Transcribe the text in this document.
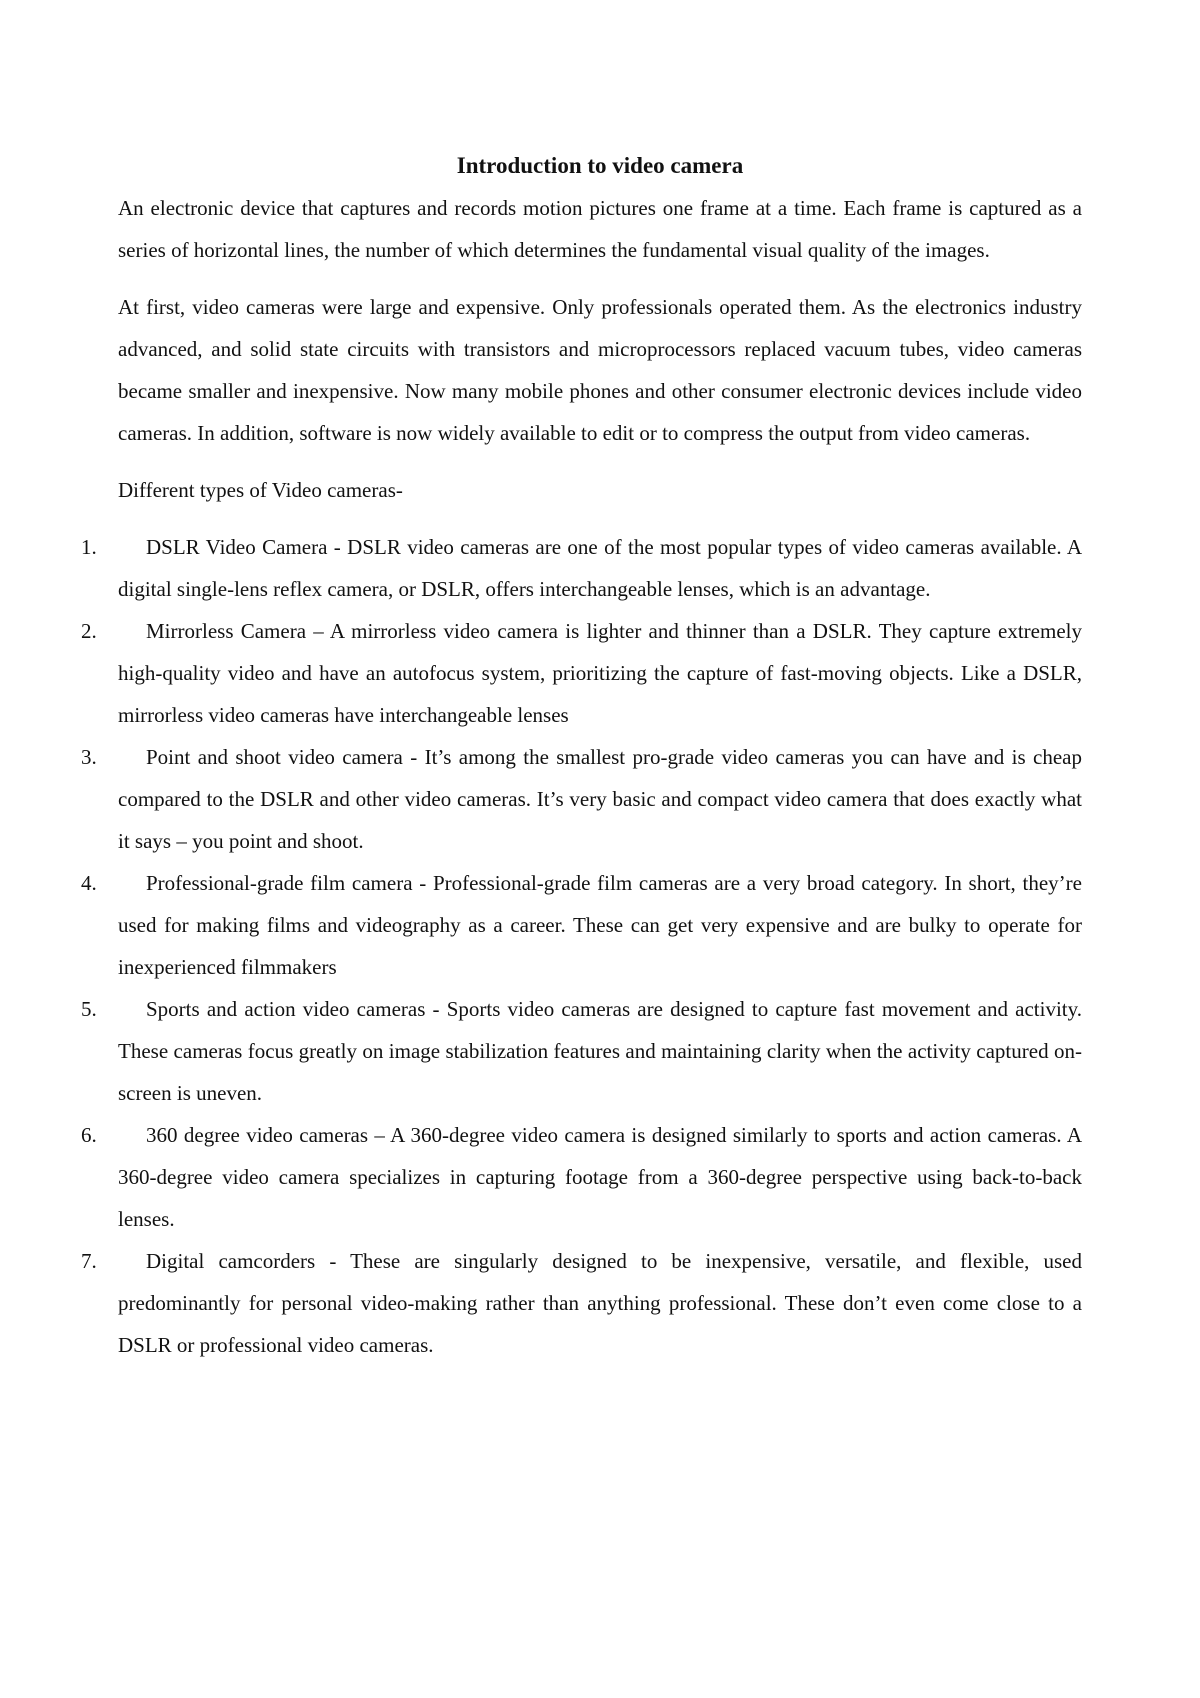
Introduction to video camera

An electronic device that captures and records motion pictures one frame at a time. Each frame is captured as a series of horizontal lines, the number of which determines the fundamental visual quality of the images.

At first, video cameras were large and expensive. Only professionals operated them. As the electronics industry advanced, and solid state circuits with transistors and microprocessors replaced vacuum tubes, video cameras became smaller and inexpensive. Now many mobile phones and other consumer electronic devices include video cameras. In addition, software is now widely available to edit or to compress the output from video cameras.

Different types of Video cameras-

1.	DSLR Video Camera - DSLR video cameras are one of the most popular types of video cameras available. A digital single-lens reflex camera, or DSLR, offers interchangeable lenses, which is an advantage.
2.	Mirrorless Camera – A mirrorless video camera is lighter and thinner than a DSLR. They capture extremely high-quality video and have an autofocus system, prioritizing the capture of fast-moving objects. Like a DSLR, mirrorless video cameras have interchangeable lenses
3.	Point and shoot video camera - It’s among the smallest pro-grade video cameras you can have and is cheap compared to the DSLR and other video cameras. It’s very basic and compact video camera that does exactly what it says – you point and shoot.
4.	Professional-grade film camera - Professional-grade film cameras are a very broad category. In short, they’re used for making films and videography as a career. These can get very expensive and are bulky to operate for inexperienced filmmakers
5.	Sports and action video cameras - Sports video cameras are designed to capture fast movement and activity. These cameras focus greatly on image stabilization features and maintaining clarity when the activity captured on-screen is uneven.
6.	360 degree video cameras – A 360-degree video camera is designed similarly to sports and action cameras. A 360-degree video camera specializes in capturing footage from a 360-degree perspective using back-to-back lenses.
7.	Digital camcorders - These are singularly designed to be inexpensive, versatile, and flexible, used predominantly for personal video-making rather than anything professional. These don’t even come close to a DSLR or professional video cameras.
